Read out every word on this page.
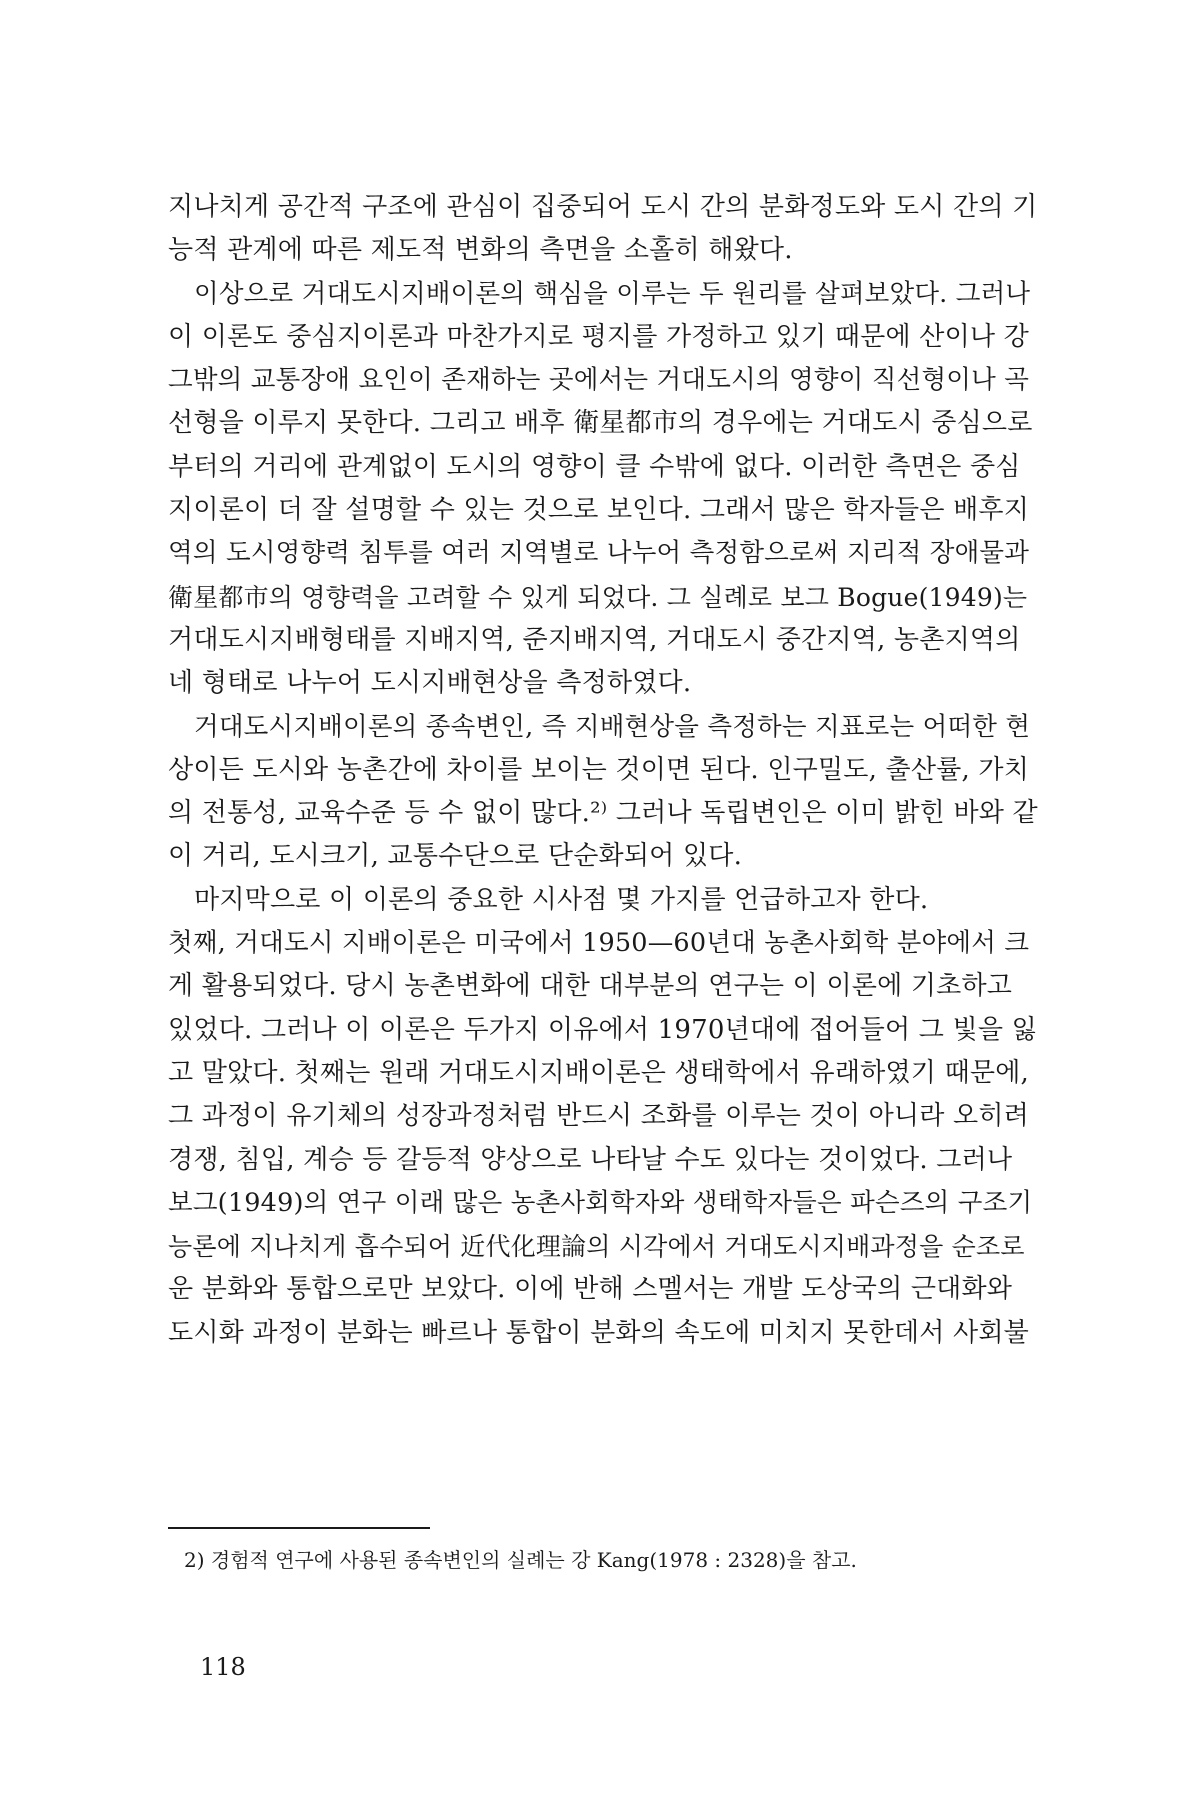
지나치게 공간적 구조에 관심이 집중되어 도시 간의 분화정도와 도시 간의 기
능적 관계에 따른 제도적 변화의 측면을 소홀히 해왔다.
이상으로 거대도시지배이론의 핵심을 이루는 두 원리를 살펴보았다. 그러나
이 이론도 중심지이론과 마찬가지로 평지를 가정하고 있기 때문에 산이나 강
그밖의 교통장애 요인이 존재하는 곳에서는 거대도시의 영향이 직선형이나 곡
선형을 이루지 못한다. 그리고 배후 衛星都市의 경우에는 거대도시 중심으로
부터의 거리에 관계없이 도시의 영향이 클 수밖에 없다. 이러한 측면은 중심
지이론이 더 잘 설명할 수 있는 것으로 보인다. 그래서 많은 학자들은 배후지
역의 도시영향력 침투를 여러 지역별로 나누어 측정함으로써 지리적 장애물과
衛星都市의 영향력을 고려할 수 있게 되었다. 그 실례로 보그 Bogue(1949)는
거대도시지배형태를 지배지역, 준지배지역, 거대도시 중간지역, 농촌지역의
네 형태로 나누어 도시지배현상을 측정하였다.
거대도시지배이론의 종속변인, 즉 지배현상을 측정하는 지표로는 어떠한 현
상이든 도시와 농촌간에 차이를 보이는 것이면 된다. 인구밀도, 출산률, 가치
의 전통성, 교육수준 등 수 없이 많다.²⁾ 그러나 독립변인은 이미 밝힌 바와 같
이 거리, 도시크기, 교통수단으로 단순화되어 있다.
마지막으로 이 이론의 중요한 시사점 몇 가지를 언급하고자 한다.
첫째, 거대도시 지배이론은 미국에서 1950—60년대 농촌사회학 분야에서 크
게 활용되었다. 당시 농촌변화에 대한 대부분의 연구는 이 이론에 기초하고
있었다. 그러나 이 이론은 두가지 이유에서 1970년대에 접어들어 그 빛을 잃
고 말았다. 첫째는 원래 거대도시지배이론은 생태학에서 유래하였기 때문에,
그 과정이 유기체의 성장과정처럼 반드시 조화를 이루는 것이 아니라 오히려
경쟁, 침입, 계승 등 갈등적 양상으로 나타날 수도 있다는 것이었다. 그러나
보그(1949)의 연구 이래 많은 농촌사회학자와 생태학자들은 파슨즈의 구조기
능론에 지나치게 흡수되어 近代化理論의 시각에서 거대도시지배과정을 순조로
운 분화와 통합으로만 보았다. 이에 반해 스멜서는 개발 도상국의 근대화와
도시화 과정이 분화는 빠르나 통합이 분화의 속도에 미치지 못한데서 사회불
2) 경험적 연구에 사용된 종속변인의 실례는 강 Kang(1978 : 2328)을 참고.
118
